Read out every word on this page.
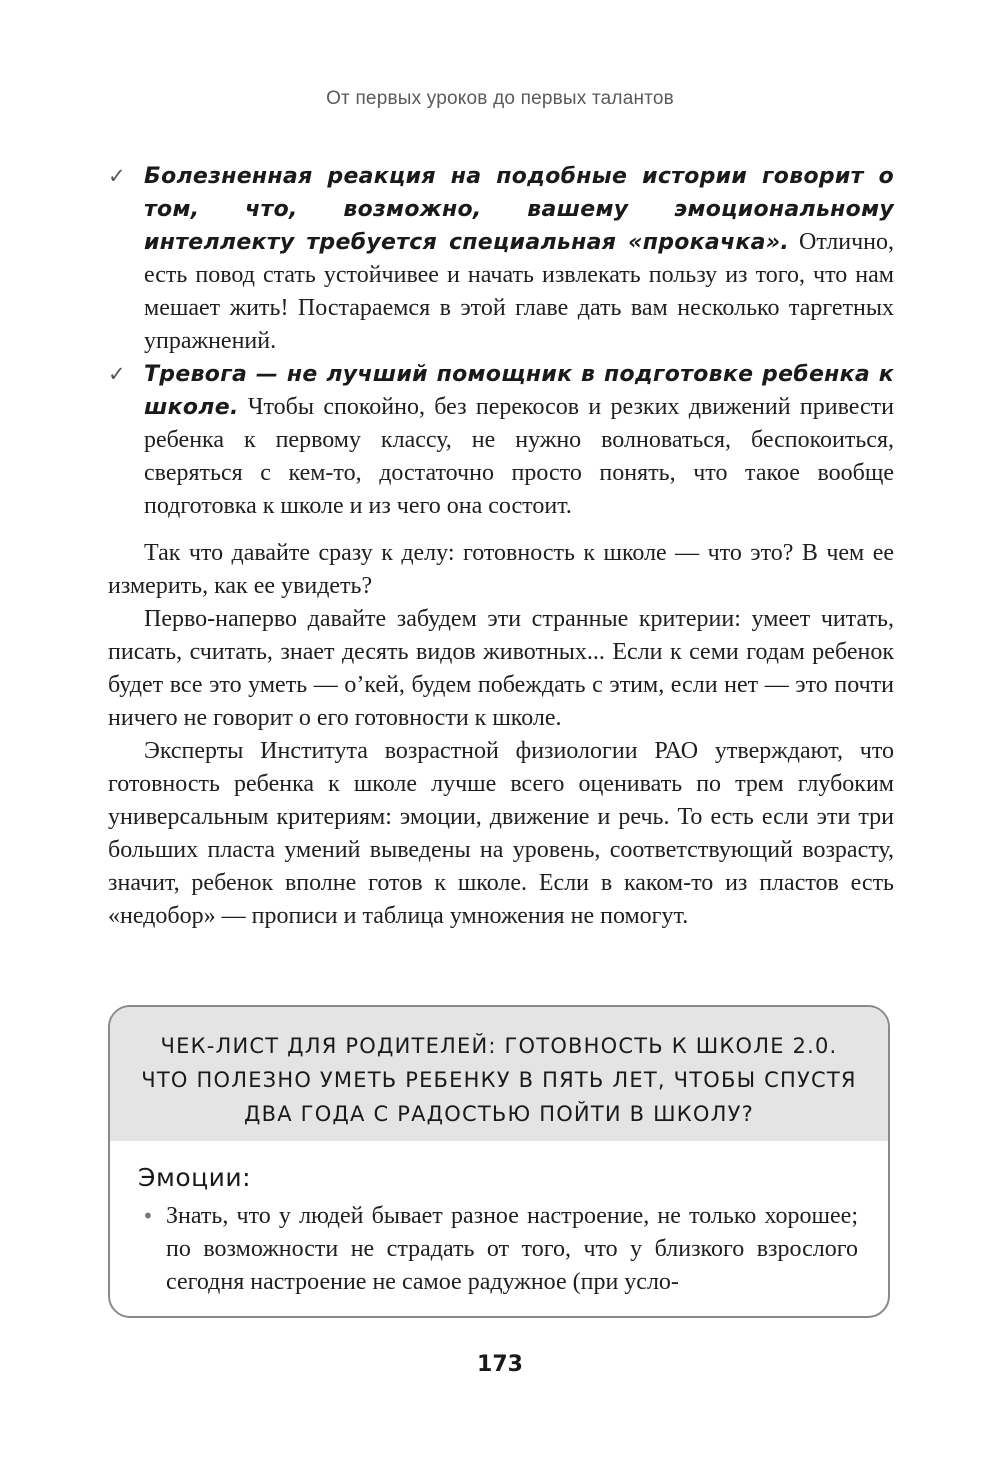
От первых уроков до первых талантов
✓ Болезненная реакция на подобные истории говорит о том, что, возможно, вашему эмоциональному интеллекту требуется специальная «прокачка». Отлично, есть повод стать устойчивее и начать извлекать пользу из того, что нам мешает жить! Постараемся в этой главе дать вам несколько таргетных упражнений.
✓ Тревога — не лучший помощник в подготовке ребенка к школе. Чтобы спокойно, без перекосов и резких движений привести ребенка к первому классу, не нужно волноваться, беспокоиться, сверяться с кем-то, достаточно просто понять, что такое вообще подготовка к школе и из чего она состоит.

Так что давайте сразу к делу: готовность к школе — что это? В чем ее измерить, как ее увидеть?

Перво-наперво давайте забудем эти странные критерии: умеет читать, писать, считать, знает десять видов животных... Если к семи годам ребенок будет все это уметь — о’кей, будем побеждать с этим, если нет — это почти ничего не говорит о его готовности к школе.

Эксперты Института возрастной физиологии РАО утверждают, что готовность ребенка к школе лучше всего оценивать по трем глубоким универсальным критериям: эмоции, движение и речь. То есть если эти три больших пласта умений выведены на уровень, соответствующий возрасту, значит, ребенок вполне готов к школе. Если в каком-то из пластов есть «недобор» — прописи и таблица умножения не помогут.

ЧЕК-ЛИСТ ДЛЯ РОДИТЕЛЕЙ: ГОТОВНОСТЬ К ШКОЛЕ 2.0.
ЧТО ПОЛЕЗНО УМЕТЬ РЕБЕНКУ В ПЯТЬ ЛЕТ, ЧТОБЫ СПУСТЯ
ДВА ГОДА С РАДОСТЬЮ ПОЙТИ В ШКОЛУ?
Эмоции:

• Знать, что у людей бывает разное настроение, не только хорошее; по возможности не страдать от того, что у близкого взрослого сегодня настроение не самое радужное (при усло-

173
